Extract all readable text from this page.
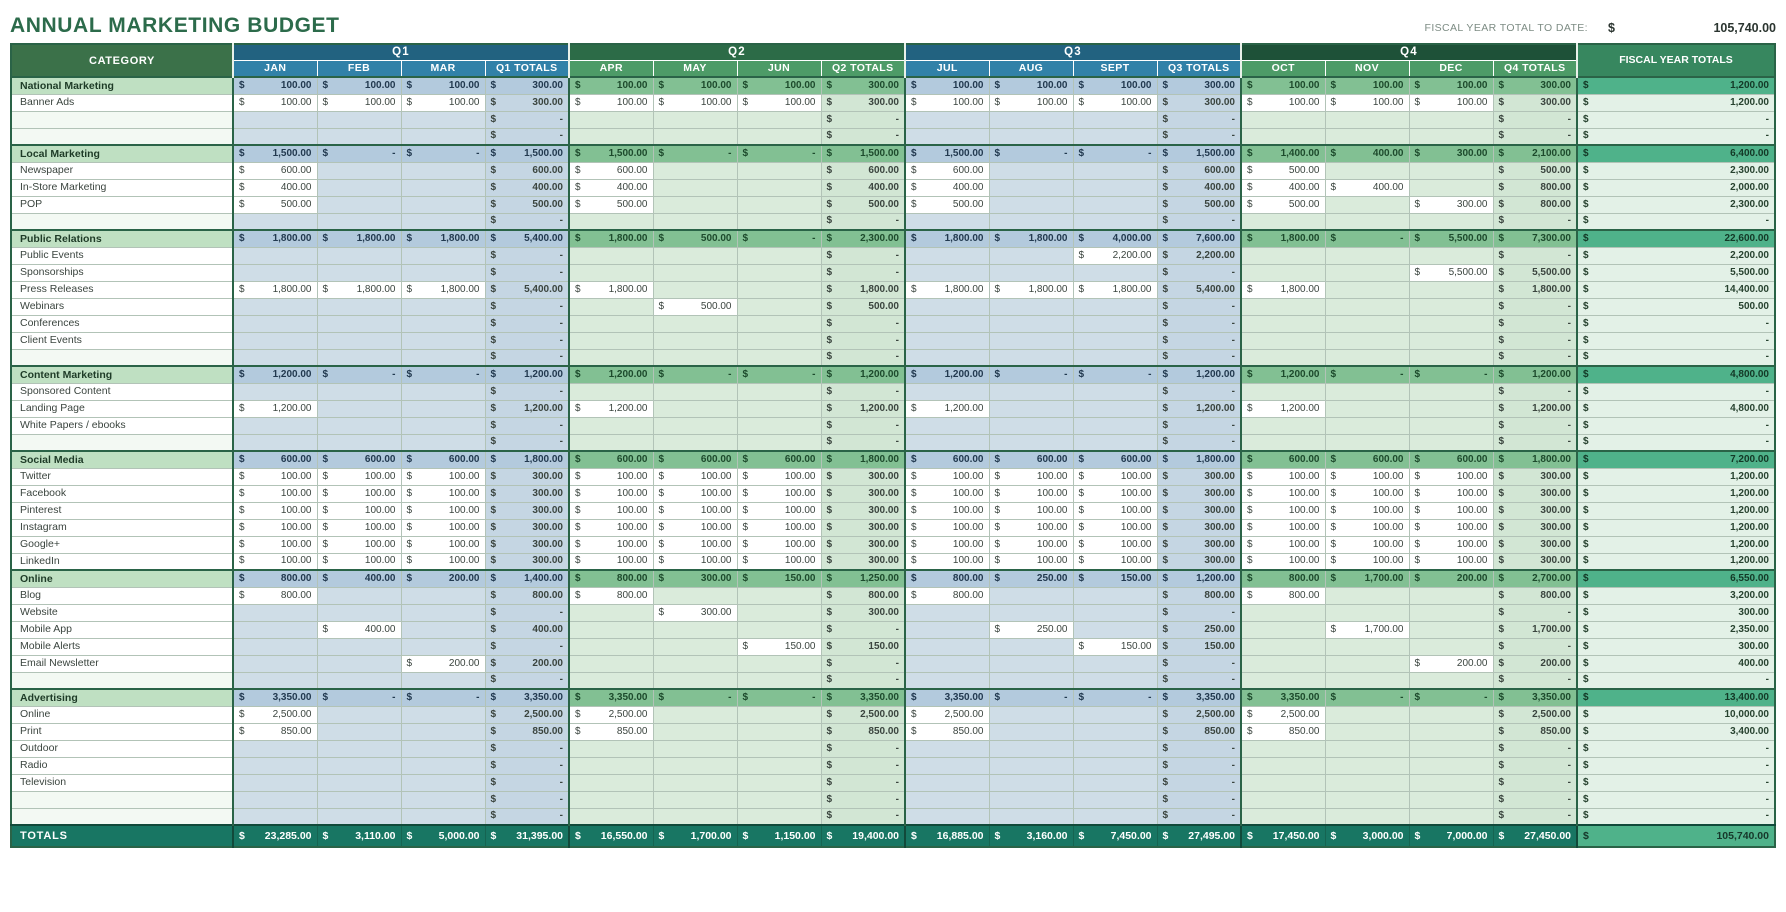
ANNUAL MARKETING BUDGET	FISCAL YEAR TOTAL TO DATE: $	105,740.00
CATEGORY	Q1				Q2				Q3				Q4				FISCAL YEAR TOTALS
	JAN	FEB	MAR	Q1 TOTALS	APR	MAY	JUN	Q2 TOTALS	JUL	AUG	SEPT	Q3 TOTALS	OCT	NOV	DEC	Q4 TOTALS	
National Marketing	$ 100.00	$ 100.00	$ 100.00	$ 300.00	$ 100.00	$ 100.00	$ 100.00	$ 300.00	$ 100.00	$ 100.00	$ 100.00	$ 300.00	$ 100.00	$ 100.00	$ 100.00	$ 300.00	$ 1,200.00

Banner Ads	$ 100.00	$ 100.00	$ 100.00	$ 300.00	$ 100.00	$ 100.00	$ 100.00	$ 300.00	$ 100.00	$ 100.00	$ 100.00	$ 300.00	$ 100.00	$ 100.00	$ 100.00	$ 300.00	$ 1,200.00

				$ -				$ -				$ -				$ -	$ -

				$ -				$ -				$ -				$ -	$ -

Local Marketing	$ 1,500.00	$ -	$ -	$ 1,500.00	$ 1,500.00	$ -	$ -	$ 1,500.00	$ 1,500.00	$ -	$ -	$ 1,500.00	$ 1,400.00	$ 400.00	$ 300.00	$ 2,100.00	$ 6,400.00

Newspaper	$ 600.00			$ 600.00	$ 600.00			$ 600.00	$ 600.00			$ 600.00	$ 500.00			$ 500.00	$ 2,300.00

In-Store Marketing	$ 400.00			$ 400.00	$ 400.00			$ 400.00	$ 400.00			$ 400.00	$ 400.00	$ 400.00		$ 800.00	$ 2,000.00

POP	$ 500.00			$ 500.00	$ 500.00			$ 500.00	$ 500.00			$ 500.00	$ 500.00		$ 300.00	$ 800.00	$ 2,300.00

				$ -				$ -				$ -				$ -	$ -

Public Relations	$ 1,800.00	$ 1,800.00	$ 1,800.00	$ 5,400.00	$ 1,800.00	$ 500.00	$ -	$ 2,300.00	$ 1,800.00	$ 1,800.00	$ 4,000.00	$ 7,600.00	$ 1,800.00	$ -	$ 5,500.00	$ 7,300.00	$ 22,600.00

Public Events				$ -				$ -			$ 2,200.00	$ 2,200.00				$ -	$ 2,200.00

Sponsorships				$ -				$ -				$ -			$ 5,500.00	$ 5,500.00	$ 5,500.00

Press Releases	$ 1,800.00	$ 1,800.00	$ 1,800.00	$ 5,400.00	$ 1,800.00			$ 1,800.00	$ 1,800.00	$ 1,800.00	$ 1,800.00	$ 5,400.00	$ 1,800.00			$ 1,800.00	$ 14,400.00

Webinars				$ -		$ 500.00		$ 500.00				$ -				$ -	$ 500.00

Conferences				$ -				$ -				$ -				$ -	$ -

Client Events				$ -				$ -				$ -				$ -	$ -

				$ -				$ -				$ -				$ -	$ -

Content Marketing	$ 1,200.00	$ -	$ -	$ 1,200.00	$ 1,200.00	$ -	$ -	$ 1,200.00	$ 1,200.00	$ -	$ -	$ 1,200.00	$ 1,200.00	$ -	$ -	$ 1,200.00	$ 4,800.00

Sponsored Content				$ -				$ -				$ -				$ -	$ -

Landing Page	$ 1,200.00			$ 1,200.00	$ 1,200.00			$ 1,200.00	$ 1,200.00			$ 1,200.00	$ 1,200.00			$ 1,200.00	$ 4,800.00

White Papers / ebooks				$ -				$ -				$ -				$ -	$ -

				$ -				$ -				$ -				$ -	$ -

Social Media	$ 600.00	$ 600.00	$ 600.00	$ 1,800.00	$ 600.00	$ 600.00	$ 600.00	$ 1,800.00	$ 600.00	$ 600.00	$ 600.00	$ 1,800.00	$ 600.00	$ 600.00	$ 600.00	$ 1,800.00	$ 7,200.00

Twitter	$ 100.00	$ 100.00	$ 100.00	$ 300.00	$ 100.00	$ 100.00	$ 100.00	$ 300.00	$ 100.00	$ 100.00	$ 100.00	$ 300.00	$ 100.00	$ 100.00	$ 100.00	$ 300.00	$ 1,200.00

Facebook	$ 100.00	$ 100.00	$ 100.00	$ 300.00	$ 100.00	$ 100.00	$ 100.00	$ 300.00	$ 100.00	$ 100.00	$ 100.00	$ 300.00	$ 100.00	$ 100.00	$ 100.00	$ 300.00	$ 1,200.00

Pinterest	$ 100.00	$ 100.00	$ 100.00	$ 300.00	$ 100.00	$ 100.00	$ 100.00	$ 300.00	$ 100.00	$ 100.00	$ 100.00	$ 300.00	$ 100.00	$ 100.00	$ 100.00	$ 300.00	$ 1,200.00

Instagram	$ 100.00	$ 100.00	$ 100.00	$ 300.00	$ 100.00	$ 100.00	$ 100.00	$ 300.00	$ 100.00	$ 100.00	$ 100.00	$ 300.00	$ 100.00	$ 100.00	$ 100.00	$ 300.00	$ 1,200.00

Google+	$ 100.00	$ 100.00	$ 100.00	$ 300.00	$ 100.00	$ 100.00	$ 100.00	$ 300.00	$ 100.00	$ 100.00	$ 100.00	$ 300.00	$ 100.00	$ 100.00	$ 100.00	$ 300.00	$ 1,200.00

LinkedIn	$ 100.00	$ 100.00	$ 100.00	$ 300.00	$ 100.00	$ 100.00	$ 100.00	$ 300.00	$ 100.00	$ 100.00	$ 100.00	$ 300.00	$ 100.00	$ 100.00	$ 100.00	$ 300.00	$ 1,200.00

Online	$ 800.00	$ 400.00	$ 200.00	$ 1,400.00	$ 800.00	$ 300.00	$ 150.00	$ 1,250.00	$ 800.00	$ 250.00	$ 150.00	$ 1,200.00	$ 800.00	$ 1,700.00	$ 200.00	$ 2,700.00	$ 6,550.00

Blog	$ 800.00			$ 800.00	$ 800.00			$ 800.00	$ 800.00			$ 800.00	$ 800.00			$ 800.00	$ 3,200.00

Website				$ -		$ 300.00		$ 300.00				$ -				$ -	$ 300.00

Mobile App		$ 400.00		$ 400.00				$ -		$ 250.00		$ 250.00		$ 1,700.00		$ 1,700.00	$ 2,350.00

Mobile Alerts				$ -			$ 150.00	$ 150.00			$ 150.00	$ 150.00				$ -	$ 300.00

Email Newsletter			$ 200.00	$ 200.00				$ -				$ -			$ 200.00	$ 200.00	$ 400.00

				$ -				$ -				$ -				$ -	$ -

Advertising	$ 3,350.00	$ -	$ -	$ 3,350.00	$ 3,350.00	$ -	$ -	$ 3,350.00	$ 3,350.00	$ -	$ -	$ 3,350.00	$ 3,350.00	$ -	$ -	$ 3,350.00	$ 13,400.00

Online	$ 2,500.00			$ 2,500.00	$ 2,500.00			$ 2,500.00	$ 2,500.00			$ 2,500.00	$ 2,500.00			$ 2,500.00	$ 10,000.00

Print	$ 850.00			$ 850.00	$ 850.00			$ 850.00	$ 850.00			$ 850.00	$ 850.00			$ 850.00	$ 3,400.00

Outdoor				$ -				$ -				$ -				$ -	$ -

Radio				$ -				$ -				$ -				$ -	$ -

Television				$ -				$ -				$ -				$ -	$ -

				$ -				$ -				$ -				$ -	$ -

				$ -				$ -				$ -				$ -	$ -

TOTALS	$ 23,285.00	$ 3,110.00	$ 5,000.00	$ 31,395.00	$ 16,550.00	$ 1,700.00	$ 1,150.00	$ 19,400.00	$ 16,885.00	$ 3,160.00	$ 7,450.00	$ 27,495.00	$ 17,450.00	$ 3,000.00	$ 7,000.00	$ 27,450.00	$ 105,740.00
